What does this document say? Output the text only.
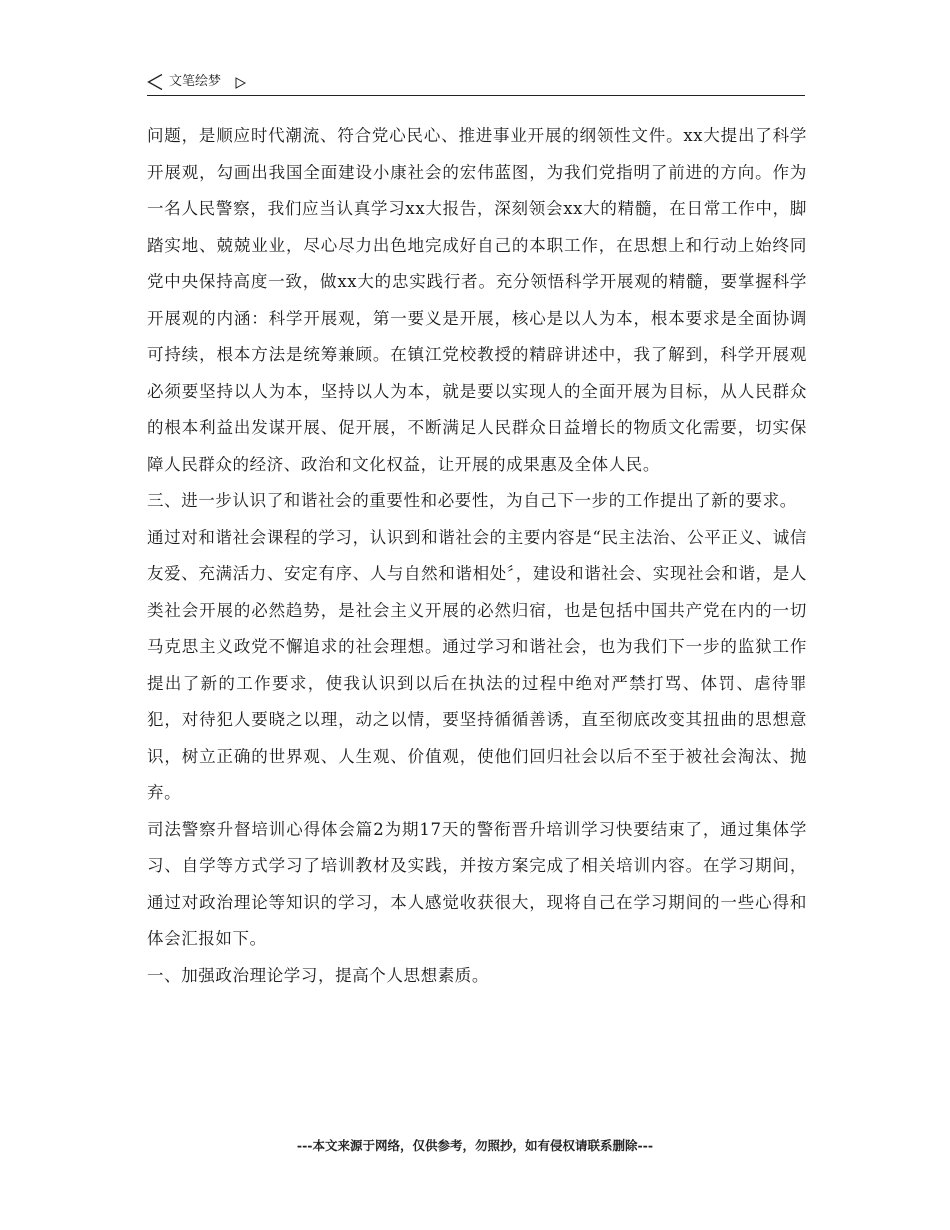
文笔绘梦

问题，是顺应时代潮流、符合党心民心、推进事业开展的纲领性文件。xx大提出了科学开展观，勾画出我国全面建设小康社会的宏伟蓝图，为我们党指明了前进的方向。作为一名人民警察，我们应当认真学习xx大报告，深刻领会xx大的精髓，在日常工作中，脚踏实地、兢兢业业，尽心尽力出色地完成好自己的本职工作，在思想上和行动上始终同党中央保持高度一致，做xx大的忠实践行者。充分领悟科学开展观的精髓，要掌握科学开展观的内涵：科学开展观，第一要义是开展，核心是以人为本，根本要求是全面协调可持续，根本方法是统筹兼顾。在镇江党校教授的精辟讲述中，我了解到，科学开展观必须要坚持以人为本，坚持以人为本，就是要以实现人的全面开展为目标，从人民群众的根本利益出发谋开展、促开展，不断满足人民群众日益增长的物质文化需要，切实保障人民群众的经济、政治和文化权益，让开展的成果惠及全体人民。

三、进一步认识了和谐社会的重要性和必要性，为自己下一步的工作提出了新的要求。

通过对和谐社会课程的学习，认识到和谐社会的主要内容是“民主法治、公平正义、诚信友爱、充满活力、安定有序、人与自然和谐相处〞，建设和谐社会、实现社会和谐，是人类社会开展的必然趋势，是社会主义开展的必然归宿，也是包括中国共产党在内的一切马克思主义政党不懈追求的社会理想。通过学习和谐社会，也为我们下一步的监狱工作提出了新的工作要求，使我认识到以后在执法的过程中绝对严禁打骂、体罚、虐待罪犯，对待犯人要晓之以理，动之以情，要坚持循循善诱，直至彻底改变其扭曲的思想意识，树立正确的世界观、人生观、价值观，使他们回归社会以后不至于被社会淘汰、抛弃。

司法警察升督培训心得体会篇2为期17天的警衔晋升培训学习快要结束了，通过集体学习、自学等方式学习了培训教材及实践，并按方案完成了相关培训内容。在学习期间，通过对政治理论等知识的学习，本人感觉收获很大，现将自己在学习期间的一些心得和体会汇报如下。

一、加强政治理论学习，提高个人思想素质。

---本文来源于网络，仅供参考，勿照抄，如有侵权请联系删除---
